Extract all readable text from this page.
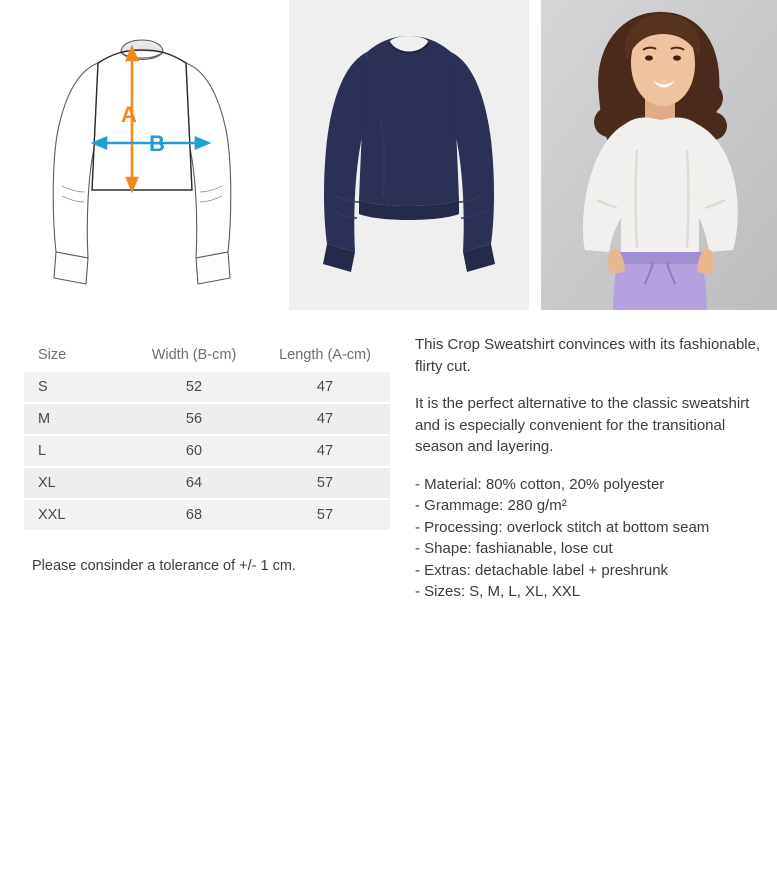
A
B
Size	Width (B-cm)	Length (A-cm)
S	52	47
M	56	47
L	60	47
XL	64	57
XXL	68	57
Please consinder a tolerance of +/- 1 cm.

This Crop Sweatshirt convinces with its fashionable, flirty cut.

It is the perfect alternative to the classic sweatshirt and is especially convenient for the transitional season and layering.

- Material: 80% cotton, 20% polyester
- Grammage: 280 g/m²
- Processing: overlock stitch at bottom seam
- Shape: fashianable, lose cut
- Extras: detachable label + preshrunk
- Sizes: S, M, L, XL, XXL
